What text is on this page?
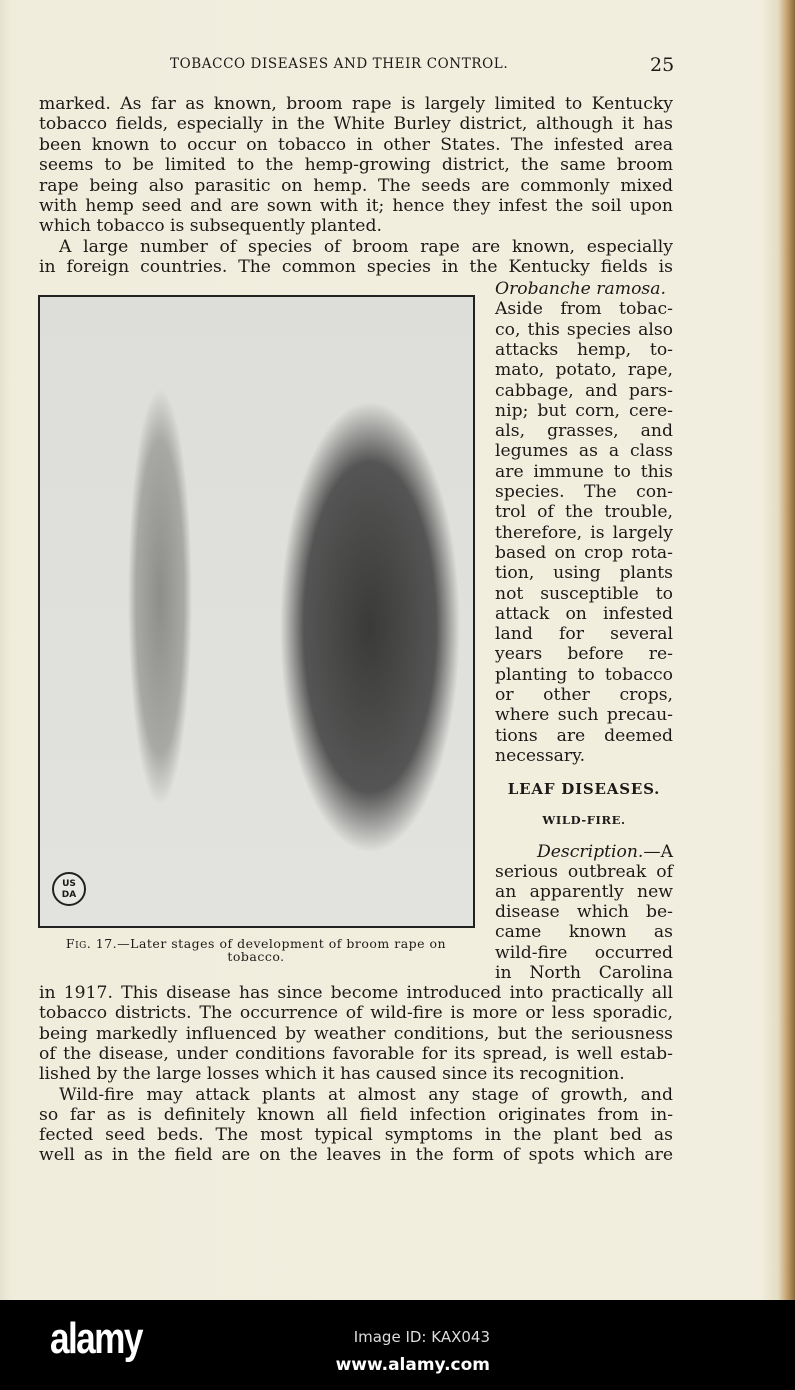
TOBACCO DISEASES AND THEIR CONTROL.	25
marked. As far as known, broom rape is largely limited to Kentucky
tobacco fields, especially in the White Burley district, although it has
been known to occur on tobacco in other States. The infested area
seems to be limited to the hemp-growing district, the same broom
rape being also parasitic on hemp. The seeds are commonly mixed
with hemp seed and are sown with it; hence they infest the soil upon
which tobacco is subsequently planted.
A large number of species of broom rape are known, especially
in foreign countries. The common species in the Kentucky fields is
US DA
Fig. 17.—Later stages of development of broom rape on tobacco.
Orobanche ramosa.
Aside from tobac-
co, this species also
attacks hemp, to-
mato, potato, rape,
cabbage, and pars-
nip; but corn, cere-
als, grasses, and
legumes as a class
are immune to this
species. The con-
trol of the trouble,
therefore, is largely
based on crop rota-
tion, using plants
not susceptible to
attack on infested
land for several
years before re-
planting to tobacco
or other crops,
where such precau-
tions are deemed
necessary.
LEAF DISEASES.
WILD-FIRE.
Description.—A
serious outbreak of
an apparently new
disease which be-
came known as
wild-fire occurred
in North Carolina
in 1917. This disease has since become introduced into practically all
tobacco districts. The occurrence of wild-fire is more or less sporadic,
being markedly influenced by weather conditions, but the seriousness
of the disease, under conditions favorable for its spread, is well estab-
lished by the large losses which it has caused since its recognition.
Wild-fire may attack plants at almost any stage of growth, and
so far as is definitely known all field infection originates from in-
fected seed beds. The most typical symptoms in the plant bed as
well as in the field are on the leaves in the form of spots which are
alamy	Image ID: KAX043
www.alamy.com
